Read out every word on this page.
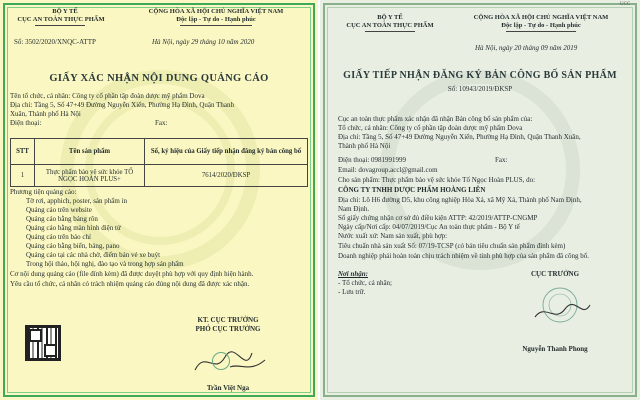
BỘ Y TẾ
CỤC AN TOÀN THỰC PHẨM
CỘNG HÒA XÃ HỘI CHỦ NGHĨA VIỆT NAM
Độc lập - Tự do - Hạnh phúc
Số: 3502/2020/XNQC-ATTP	Hà Nội, ngày 29 tháng 10 năm 2020
GIẤY XÁC NHẬN NỘI DUNG QUẢNG CÁO
Tên tổ chức, cá nhân: Công ty cổ phần tập đoàn dược mỹ phẩm Dova
Địa chỉ: Tầng 5, Số 47+49 Đường Nguyễn Xiển, Phường Hạ Đình, Quận Thanh
Xuân, Thành phố Hà Nội
Điện thoại:	Fax:
STT	Tên sản phẩm	Số, ký hiệu của Giấy tiếp nhận đăng ký bản công bố
1	Thực phẩm bảo vệ sức khỏe TỐ NGỌC HOÀN PLUS+	7614/2020/ĐKSP
Phương tiện quảng cáo:
Tờ rơi, apphich, poster, sản phẩm in
Quảng cáo trên website
Quảng cáo bằng bảng rôn
Quảng cáo bằng màn hình điện tử
Quảng cáo trên báo chí
Quảng cáo bằng biển, bảng, pano
Quảng cáo tại các nhà chờ, điểm bán vé xe buýt
Trong hội thảo, hội nghị, đào tạo và trong hợp sản phẩm
Cơ nội dung quảng cáo (file đính kèm) đã được duyệt phù hợp với quy định hiện hành.
Yêu cầu tổ chức, cá nhân có trách nhiệm quảng cáo đúng nội dung đã được xác nhận.
KT. CỤC TRƯỞNG
PHÓ CỤC TRƯỞNG
Trần Việt Nga
UCC
BỘ Y TẾ
CỤC AN TOÀN THỰC PHẨM
CỘNG HÒA XÃ HỘI CHỦ NGHĨA VIỆT NAM
Độc lập - Tự do - Hạnh phúc
Hà Nội, ngày 20 tháng 09 năm 2019
GIẤY TIẾP NHẬN ĐĂNG KÝ BẢN CÔNG BỐ SẢN PHẨM
Số: 10943/2019/ĐKSP
Cục an toàn thực phẩm xác nhận đã nhận Bản công bố sản phẩm của:
Tổ chức, cá nhân: Công ty cổ phần tập đoàn dược mỹ phẩm Dova
Địa chỉ: Tầng 5, Số 47+49 Đường Nguyễn Xiển, Phường Hạ Đình, Quận Thanh Xuân,
Thành phố Hà Nội
Điện thoại: 0981991999	Fax:
Email: dovagroup.accl@gmail.com
Cho sản phẩm: Thực phẩm bảo vệ sức khỏe Tố Ngọc Hoàn PLUS, do:
CÔNG TY TNHH DƯỢC PHẨM HOÀNG LIÊN
Địa chỉ: Lô H6 đường D5, khu công nghiệp Hòa Xá, xã Mỹ Xá, Thành phố Nam Định,
Nam Định.
Số giấy chứng nhận cơ sở đủ điều kiện ATTP: 42/2019/ATTP-CNGMP
Ngày cấp/Nơi cấp: 04/07/2019/Cục An toàn thực phẩm - Bộ Y tế
Nước xuất xứ: Nam sản xuất, phù hợp:
Tiêu chuẩn nhà sản xuất Số: 07/19-TCSP (có bản tiêu chuẩn sản phẩm đính kèm)
Doanh nghiệp phải hoàn toàn chịu trách nhiệm về tính phù hợp của sản phẩm đã công bố.
Nơi nhận:
- Tổ chức, cá nhân;
- Lưu trữ.
CỤC TRƯỞNG
Nguyễn Thanh Phong
